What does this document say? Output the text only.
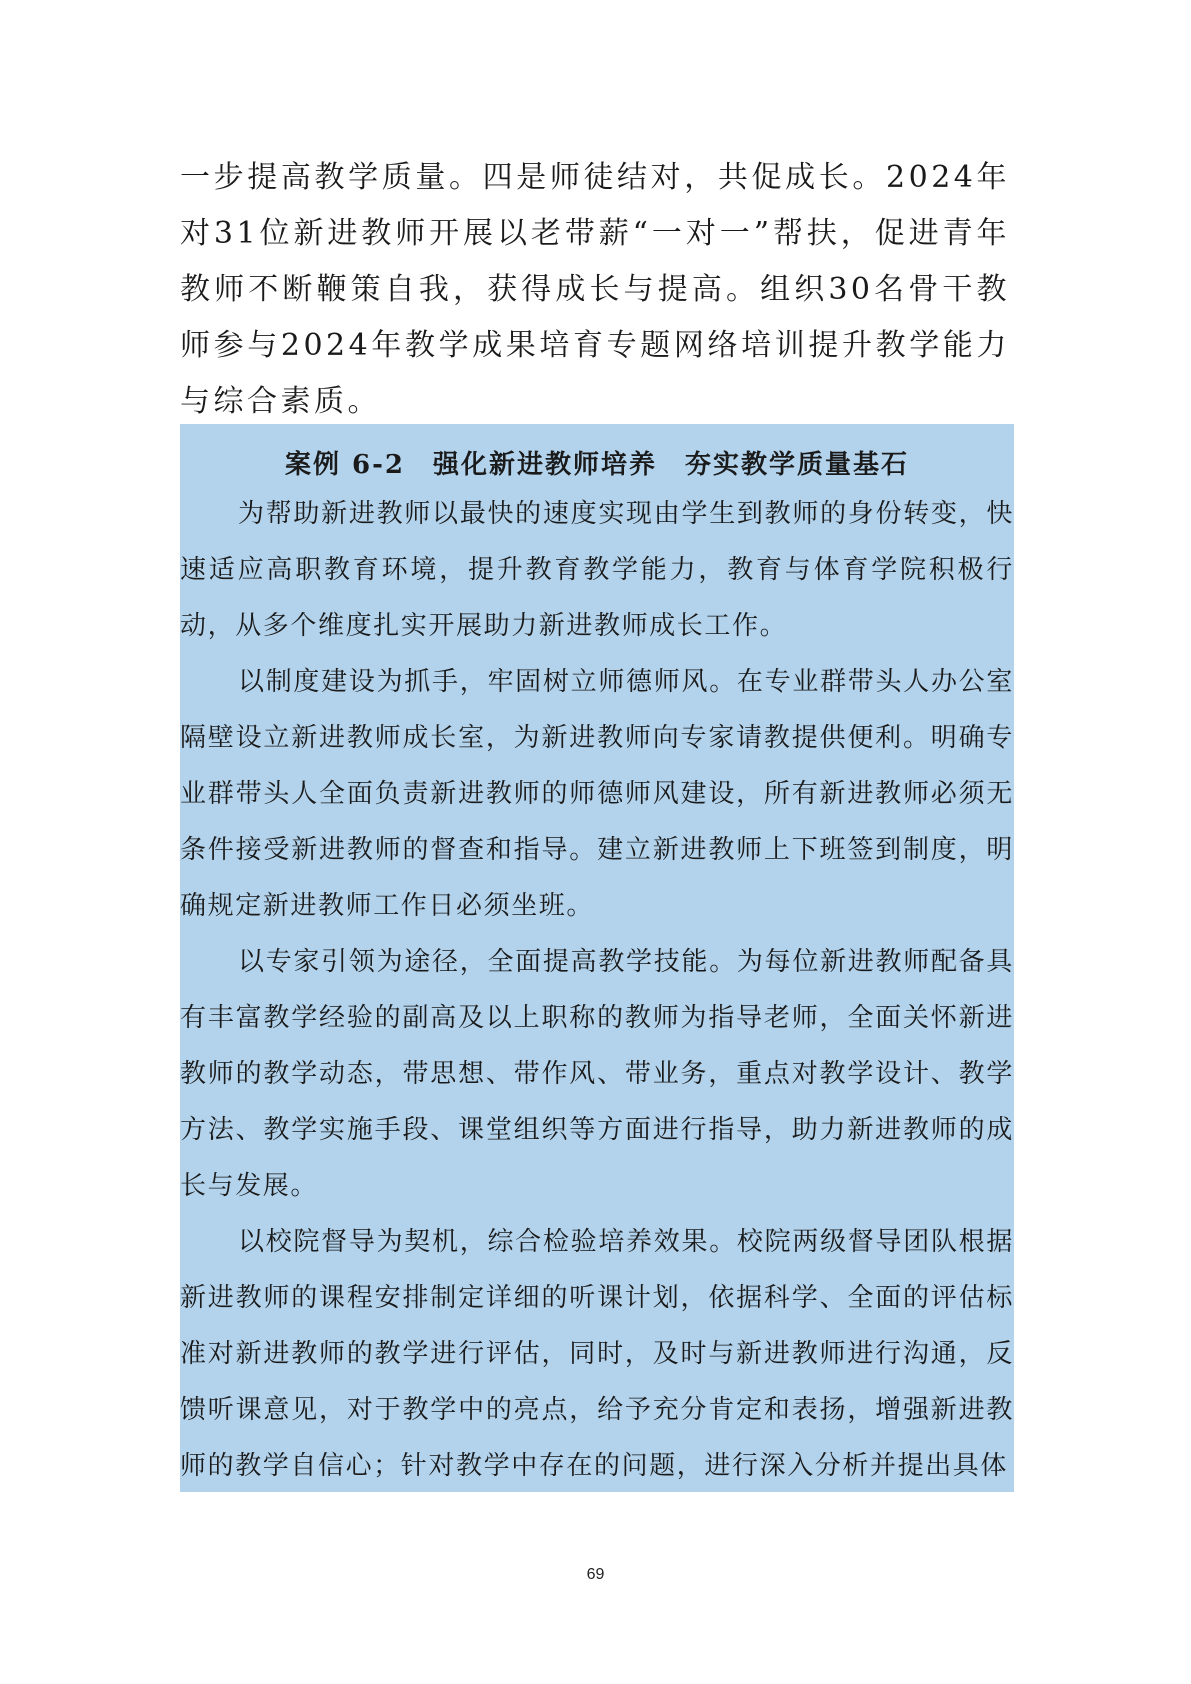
一步提高教学质量。四是师徒结对，共促成长。2024年对31位新进教师开展以老带薪“一对一”帮扶，促进青年教师不断鞭策自我，获得成长与提高。组织30名骨干教师参与2024年教学成果培育专题网络培训提升教学能力与综合素质。
案例 6-2 强化新进教师培养 夯实教学质量基石

为帮助新进教师以最快的速度实现由学生到教师的身份转变，快速适应高职教育环境，提升教育教学能力，教育与体育学院积极行动，从多个维度扎实开展助力新进教师成长工作。

以制度建设为抓手，牢固树立师德师风。在专业群带头人办公室隔壁设立新进教师成长室，为新进教师向专家请教提供便利。明确专业群带头人全面负责新进教师的师德师风建设，所有新进教师必须无条件接受新进教师的督查和指导。建立新进教师上下班签到制度，明确规定新进教师工作日必须坐班。

以专家引领为途径，全面提高教学技能。为每位新进教师配备具有丰富教学经验的副高及以上职称的教师为指导老师，全面关怀新进教师的教学动态，带思想、带作风、带业务，重点对教学设计、教学方法、教学实施手段、课堂组织等方面进行指导，助力新进教师的成长与发展。

以校院督导为契机，综合检验培养效果。校院两级督导团队根据新进教师的课程安排制定详细的听课计划，依据科学、全面的评估标准对新进教师的教学进行评估，同时，及时与新进教师进行沟通，反馈听课意见，对于教学中的亮点，给予充分肯定和表扬，增强新进教师的教学自信心；针对教学中存在的问题，进行深入分析并提出具体

69
